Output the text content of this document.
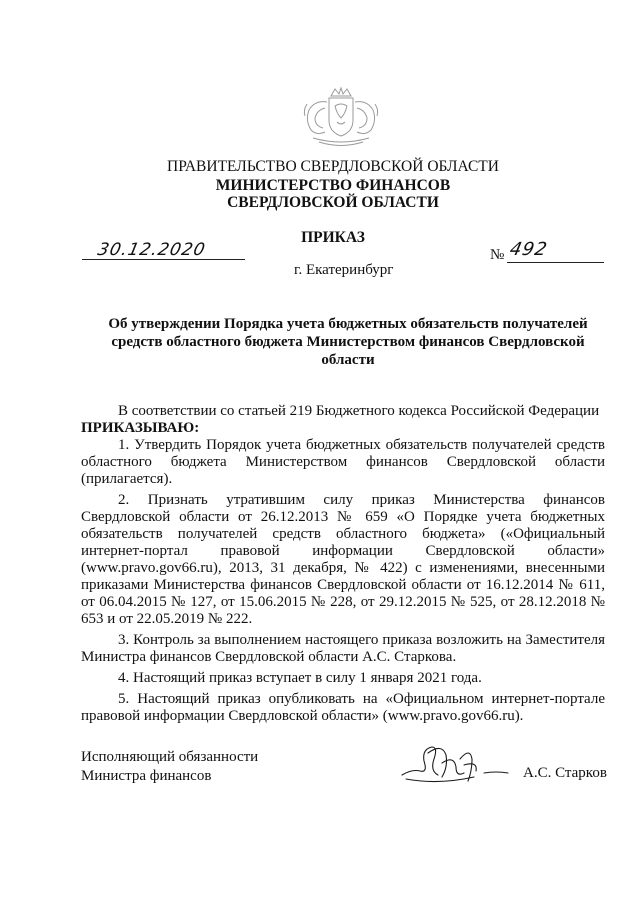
ПРАВИТЕЛЬСТВО СВЕРДЛОВСКОЙ ОБЛАСТИ
МИНИСТЕРСТВО ФИНАНСОВ
СВЕРДЛОВСКОЙ ОБЛАСТИ
ПРИКАЗ
30.12.2020	№ 492
г. Екатеринбург
Об утверждении Порядка учета бюджетных обязательств получателей средств областного бюджета Министерством финансов Свердловской области

В соответствии со статьей 219 Бюджетного кодекса Российской Федерации

ПРИКАЗЫВАЮ:

1. Утвердить Порядок учета бюджетных обязательств получателей средств областного бюджета Министерством финансов Свердловской области (прилагается).

2. Признать утратившим силу приказ Министерства финансов Свердловской области от 26.12.2013 № 659 «О Порядке учета бюджетных обязательств получателей средств областного бюджета» («Официальный интернет-портал правовой информации Свердловской области» (www.pravo.gov66.ru), 2013, 31 декабря, № 422) с изменениями, внесенными приказами Министерства финансов Свердловской области от 16.12.2014 № 611, от 06.04.2015 № 127, от 15.06.2015 № 228, от 29.12.2015 № 525, от 28.12.2018 № 653 и от 22.05.2019 № 222.

3. Контроль за выполнением настоящего приказа возложить на Заместителя Министра финансов Свердловской области А.С. Старкова.

4. Настоящий приказ вступает в силу 1 января 2021 года.

5. Настоящий приказ опубликовать на «Официальном интернет-портале правовой информации Свердловской области» (www.pravo.gov66.ru).

Исполняющий обязанности
Министра финансов	А.С. Старков
